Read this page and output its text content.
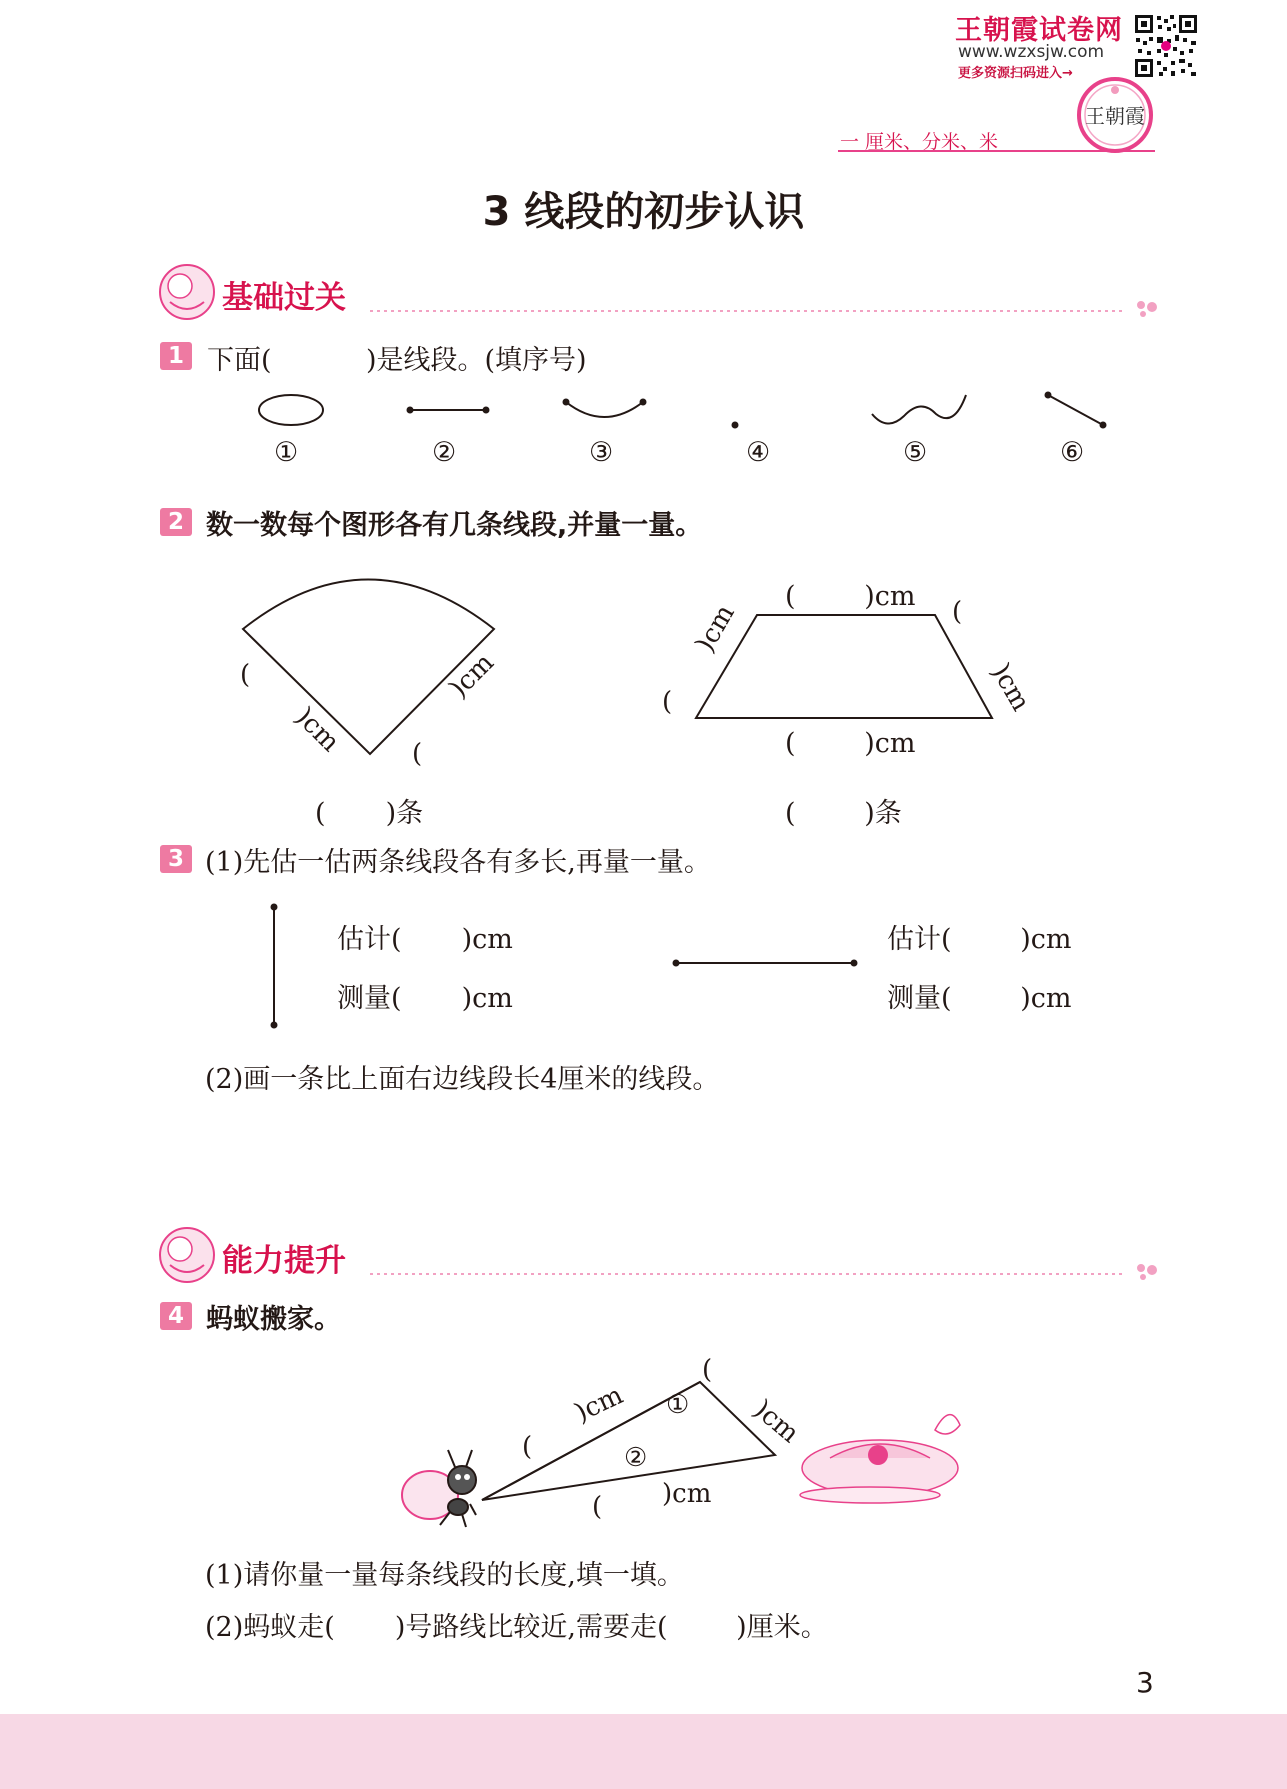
王朝霞试卷网
www.wzxsjw.com
更多资源扫码进入→
王朝霞
一 厘米、分米、米
3 线段的初步认识
基础过关
1 下面(           )是线段。(填序号)
①	②	③	④	⑤	⑥
2 数一数每个图形各有几条线段,并量一量。
(
(
)cm
)cm
)cm
(
(
)cm
(        )cm
(        )cm
(       )条	(        )条
3 (1)先估一估两条线段各有多长,再量一量。
估计(       )cm
测量(       )cm
估计(        )cm
测量(        )cm
(2)画一条比上面右边线段长4厘米的线段。
能力提升
4 蚂蚁搬家。
(
)cm
(
)cm
( )cm
①
②
(1)请你量一量每条线段的长度,填一填。
(2)蚂蚁走(       )号路线比较近,需要走(        )厘米。
3
